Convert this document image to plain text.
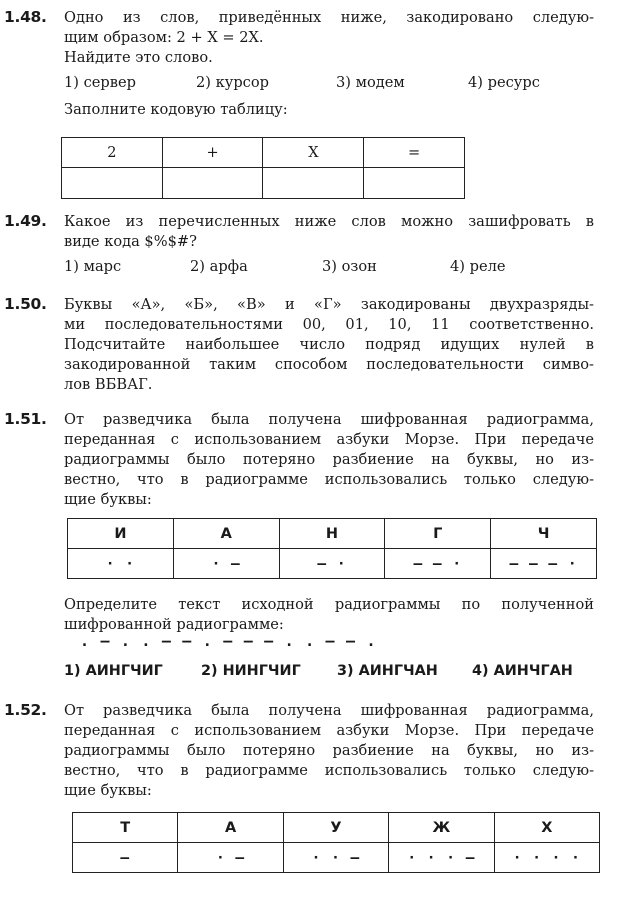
1.48. Одно из слов, приведённых ниже, закодировано следую-
щим образом: 2 + X = 2X.
Найдите это слово.
1) сервер	2) курсор	3) модем	4) ресурс
Заполните кодовую таблицу:
2	+	X	=

1.49. Какое из перечисленных ниже слов можно зашифровать в
виде кода $%$#?
1) марс	2) арфа	3) озон	4) реле
1.50. Буквы «А», «Б», «В» и «Г» закодированы двухразряды-
ми последовательностями 00, 01, 10, 11 соответственно.
Подсчитайте наибольшее число подряд идущих нулей в
закодированной таким способом последовательности симво-
лов ВБВАГ.
1.51. От разведчика была получена шифрованная радиограмма,
переданная с использованием азбуки Морзе. При передаче
радиограммы было потеряно разбиение на буквы, но из-
вестно, что в радиограмме использовались только следую-
щие буквы:
И	А	Н	Г	Ч
· ·	· –	– ·	– – ·	– – – ·
Определите текст исходной радиограммы по полученной
шифрованной радиограмме:
. – . . – – . – – – . . – – .
1) АИНГЧИГ	2) НИНГЧИГ	3) АИНГЧАН 4) АИНЧГАН
1.52. От разведчика была получена шифрованная радиограмма,
переданная с использованием азбуки Морзе. При передаче
радиограммы было потеряно разбиение на буквы, но из-
вестно, что в радиограмме использовались только следую-
щие буквы:
Т	А	У	Ж	Х
–	· –	· · –	· · · –	· · · ·
